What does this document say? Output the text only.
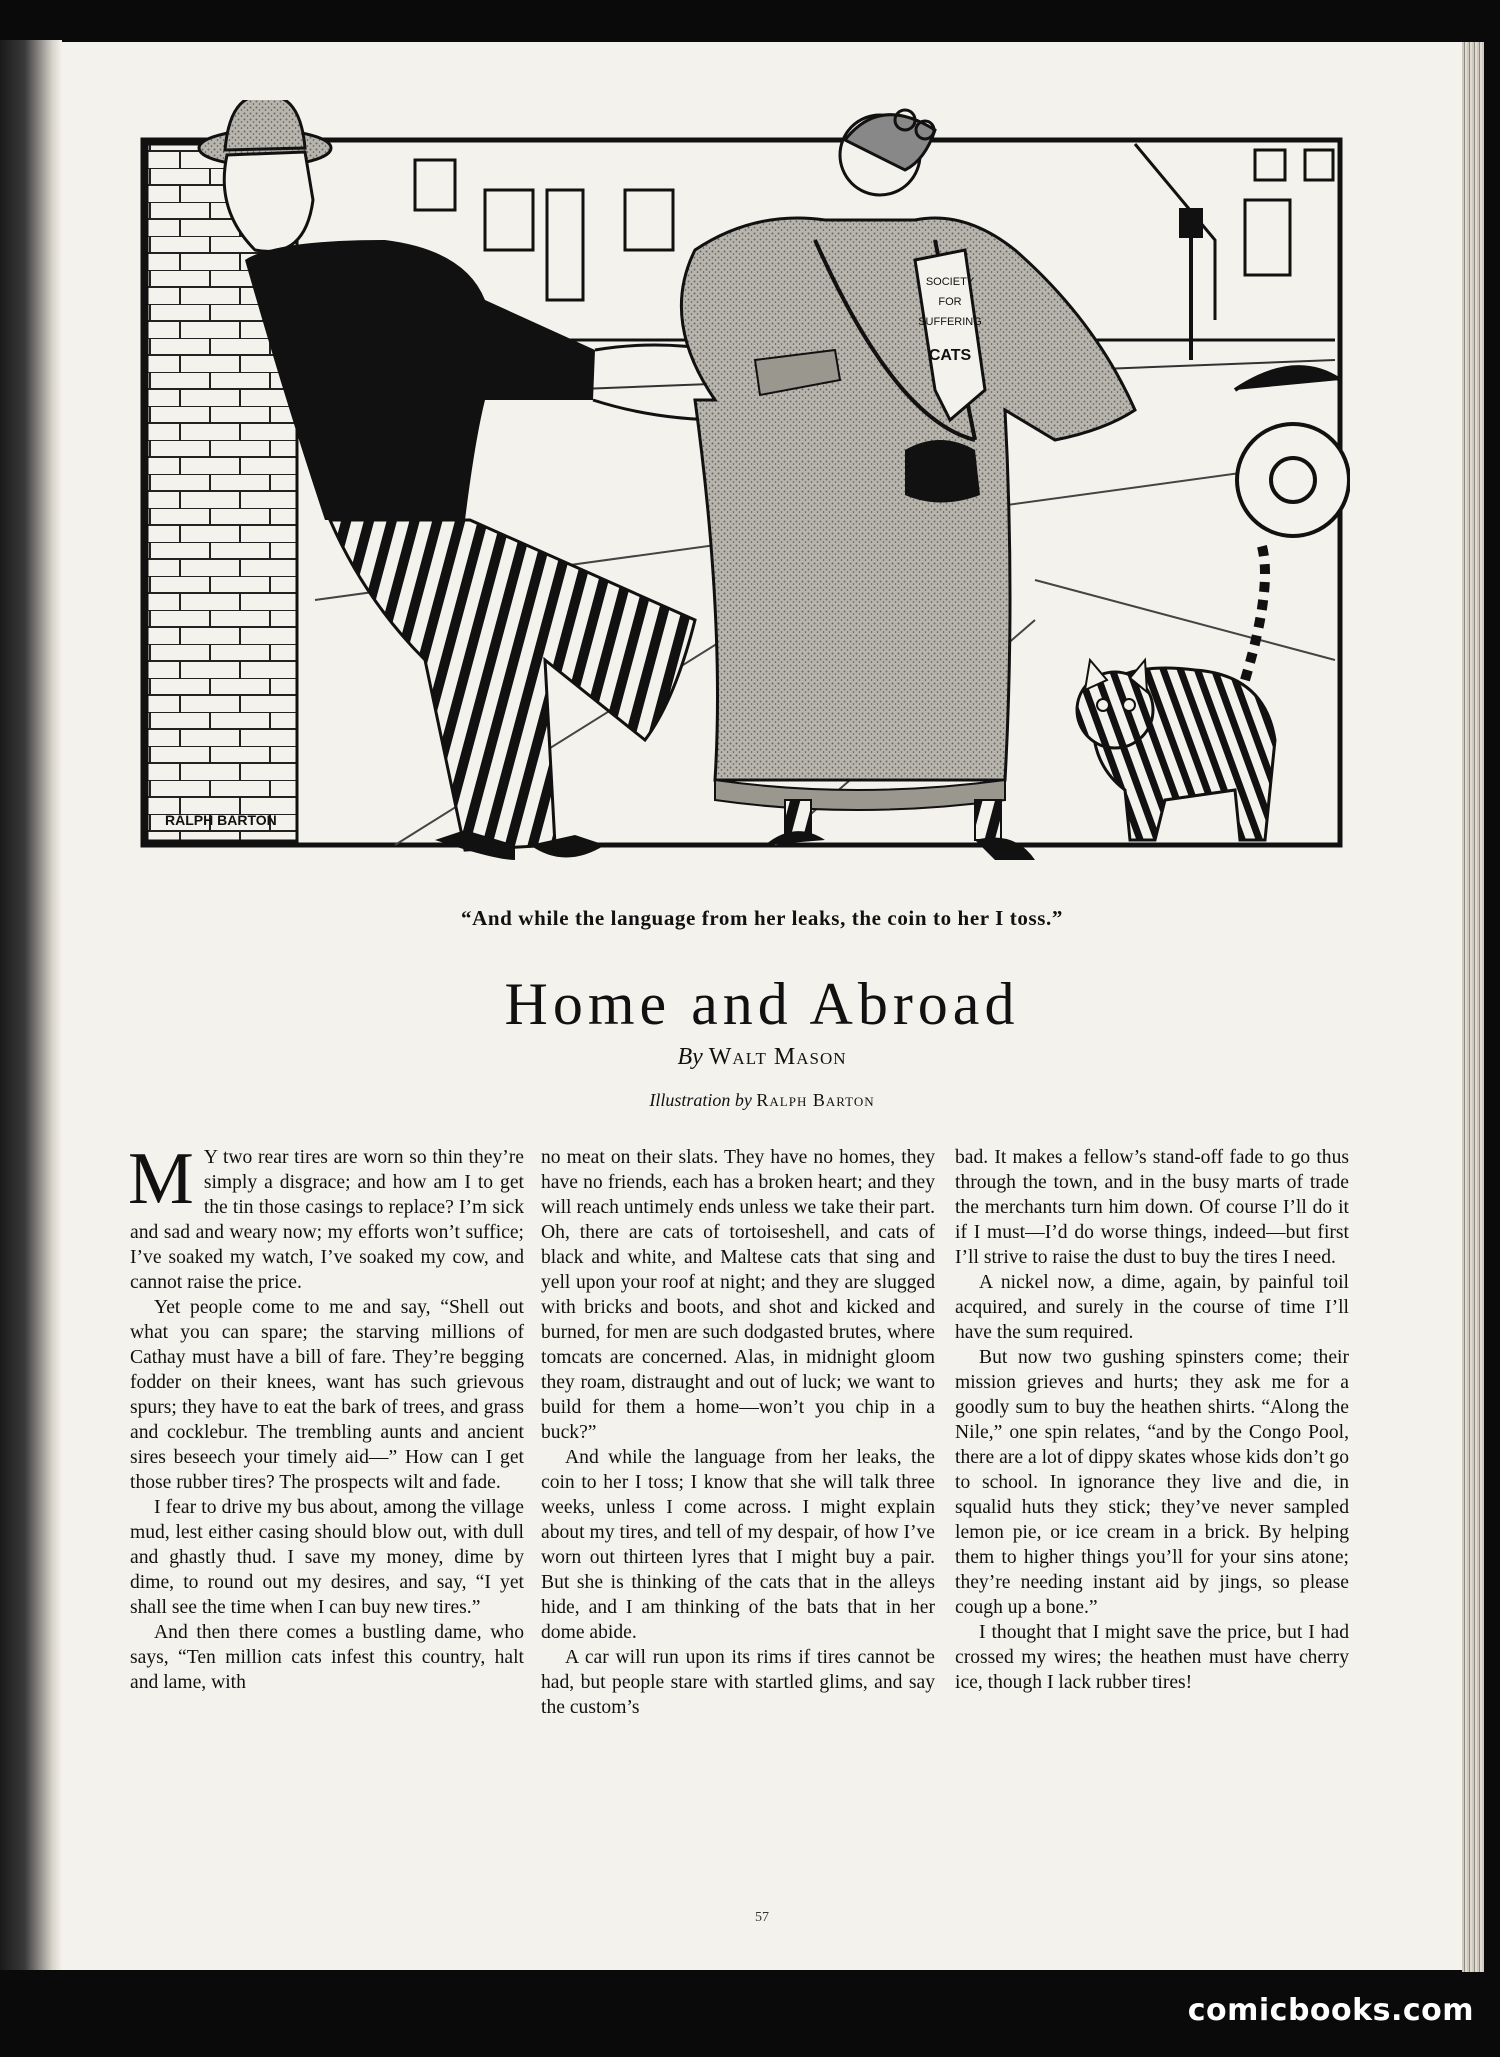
SOCIETY
FOR
SUFFERING
CATS
RALPH BARTON
“And while the language from her leaks, the coin to her I toss.”
Home and Abroad
By Walt Mason
Illustration by Ralph Barton

M Y two rear tires are worn so thin they’re simply a disgrace; and how am I to get the tin those casings to replace? I’m sick and sad and weary now; my efforts won’t suffice; I’ve soaked my watch, I’ve soaked my cow, and cannot raise the price.

Yet people come to me and say, “Shell out what you can spare; the starving millions of Cathay must have a bill of fare. They’re begging fodder on their knees, want has such grievous spurs; they have to eat the bark of trees, and grass and cocklebur. The trembling aunts and ancient sires beseech your timely aid—” How can I get those rubber tires? The prospects wilt and fade.

I fear to drive my bus about, among the village mud, lest either casing should blow out, with dull and ghastly thud. I save my money, dime by dime, to round out my desires, and say, “I yet shall see the time when I can buy new tires.”

And then there comes a bustling dame, who says, “Ten million cats infest this country, halt and lame, with

no meat on their slats. They have no homes, they have no friends, each has a broken heart; and they will reach untimely ends unless we take their part. Oh, there are cats of tortoiseshell, and cats of black and white, and Maltese cats that sing and yell upon your roof at night; and they are slugged with bricks and boots, and shot and kicked and burned, for men are such dodgasted brutes, where tomcats are concerned. Alas, in midnight gloom they roam, distraught and out of luck; we want to build for them a home—won’t you chip in a buck?”

And while the language from her leaks, the coin to her I toss; I know that she will talk three weeks, unless I come across. I might explain about my tires, and tell of my despair, of how I’ve worn out thirteen lyres that I might buy a pair. But she is thinking of the cats that in the alleys hide, and I am thinking of the bats that in her dome abide.

A car will run upon its rims if tires cannot be had, but people stare with startled glims, and say the custom’s

bad. It makes a fellow’s stand-off fade to go thus through the town, and in the busy marts of trade the merchants turn him down. Of course I’ll do it if I must—I’d do worse things, indeed—but first I’ll strive to raise the dust to buy the tires I need.

A nickel now, a dime, again, by painful toil acquired, and surely in the course of time I’ll have the sum required.

But now two gushing spinsters come; their mission grieves and hurts; they ask me for a goodly sum to buy the heathen shirts. “Along the Nile,” one spin relates, “and by the Congo Pool, there are a lot of dippy skates whose kids don’t go to school. In ignorance they live and die, in squalid huts they stick; they’ve never sampled lemon pie, or ice cream in a brick. By helping them to higher things you’ll for your sins atone; they’re needing instant aid by jings, so please cough up a bone.”

I thought that I might save the price, but I had crossed my wires; the heathen must have cherry ice, though I lack rubber tires!

57
comicbooks.com
